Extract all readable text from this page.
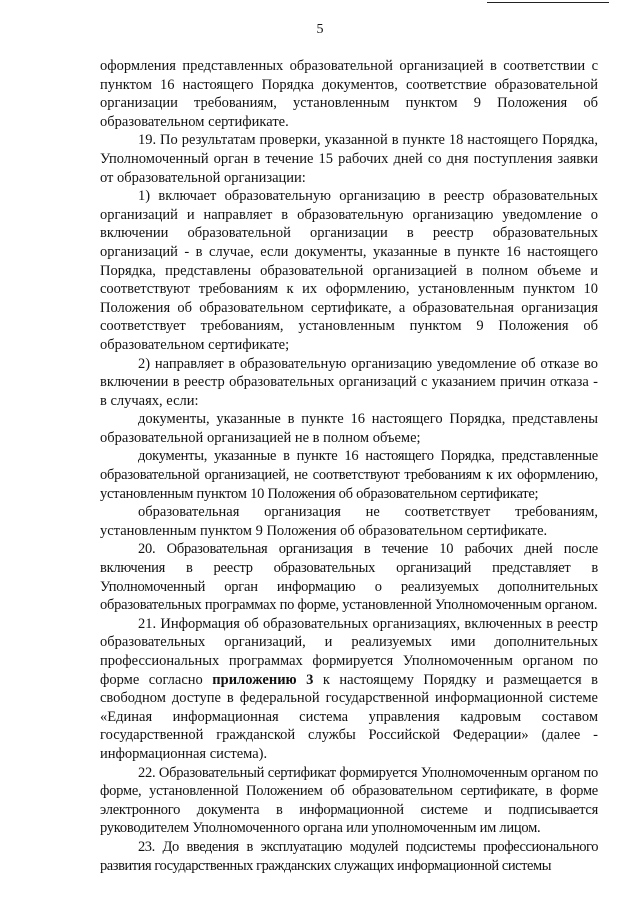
5

оформления представленных образовательной организацией в соответствии с пунктом 16 настоящего Порядка документов, соответствие образовательной организации требованиям, установленным пунктом 9 Положения об образовательном сертификате.

19. По результатам проверки, указанной в пункте 18 настоящего Порядка, Уполномоченный орган в течение 15 рабочих дней со дня поступления заявки от образовательной организации:

1) включает образовательную организацию в реестр образовательных организаций и направляет в образовательную организацию уведомление о включении образовательной организации в реестр образовательных организаций - в случае, если документы, указанные в пункте 16 настоящего Порядка, представлены образовательной организацией в полном объеме и соответствуют требованиям к их оформлению, установленным пунктом 10 Положения об образовательном сертификате, а образовательная организация соответствует требованиям, установленным пунктом 9 Положения об образовательном сертификате;

2) направляет в образовательную организацию уведомление об отказе во включении в реестр образовательных организаций с указанием причин отказа - в случаях, если:

документы, указанные в пункте 16 настоящего Порядка, представлены образовательной организацией не в полном объеме;

документы, указанные в пункте 16 настоящего Порядка, представленные образовательной организацией, не соответствуют требованиям к их оформлению, установленным пунктом 10 Положения об образовательном сертификате;

образовательная организация не соответствует требованиям, установленным пунктом 9 Положения об образовательном сертификате.

20. Образовательная организация в течение 10 рабочих дней после включения в реестр образовательных организаций представляет в Уполномоченный орган информацию о реализуемых дополнительных образовательных программах по форме, установленной Уполномоченным органом.

21. Информация об образовательных организациях, включенных в реестр образовательных организаций, и реализуемых ими дополнительных профессиональных программах формируется Уполномоченным органом по форме согласно приложению 3 к настоящему Порядку и размещается в свободном доступе в федеральной государственной информационной системе «Единая информационная система управления кадровым составом государственной гражданской службы Российской Федерации» (далее - информационная система).

22. Образовательный сертификат формируется Уполномоченным органом по форме, установленной Положением об образовательном сертификате, в форме электронного документа в информационной системе и подписывается руководителем Уполномоченного органа или уполномоченным им лицом.

23. До введения в эксплуатацию модулей подсистемы профессионального развития государственных гражданских служащих информационной системы
